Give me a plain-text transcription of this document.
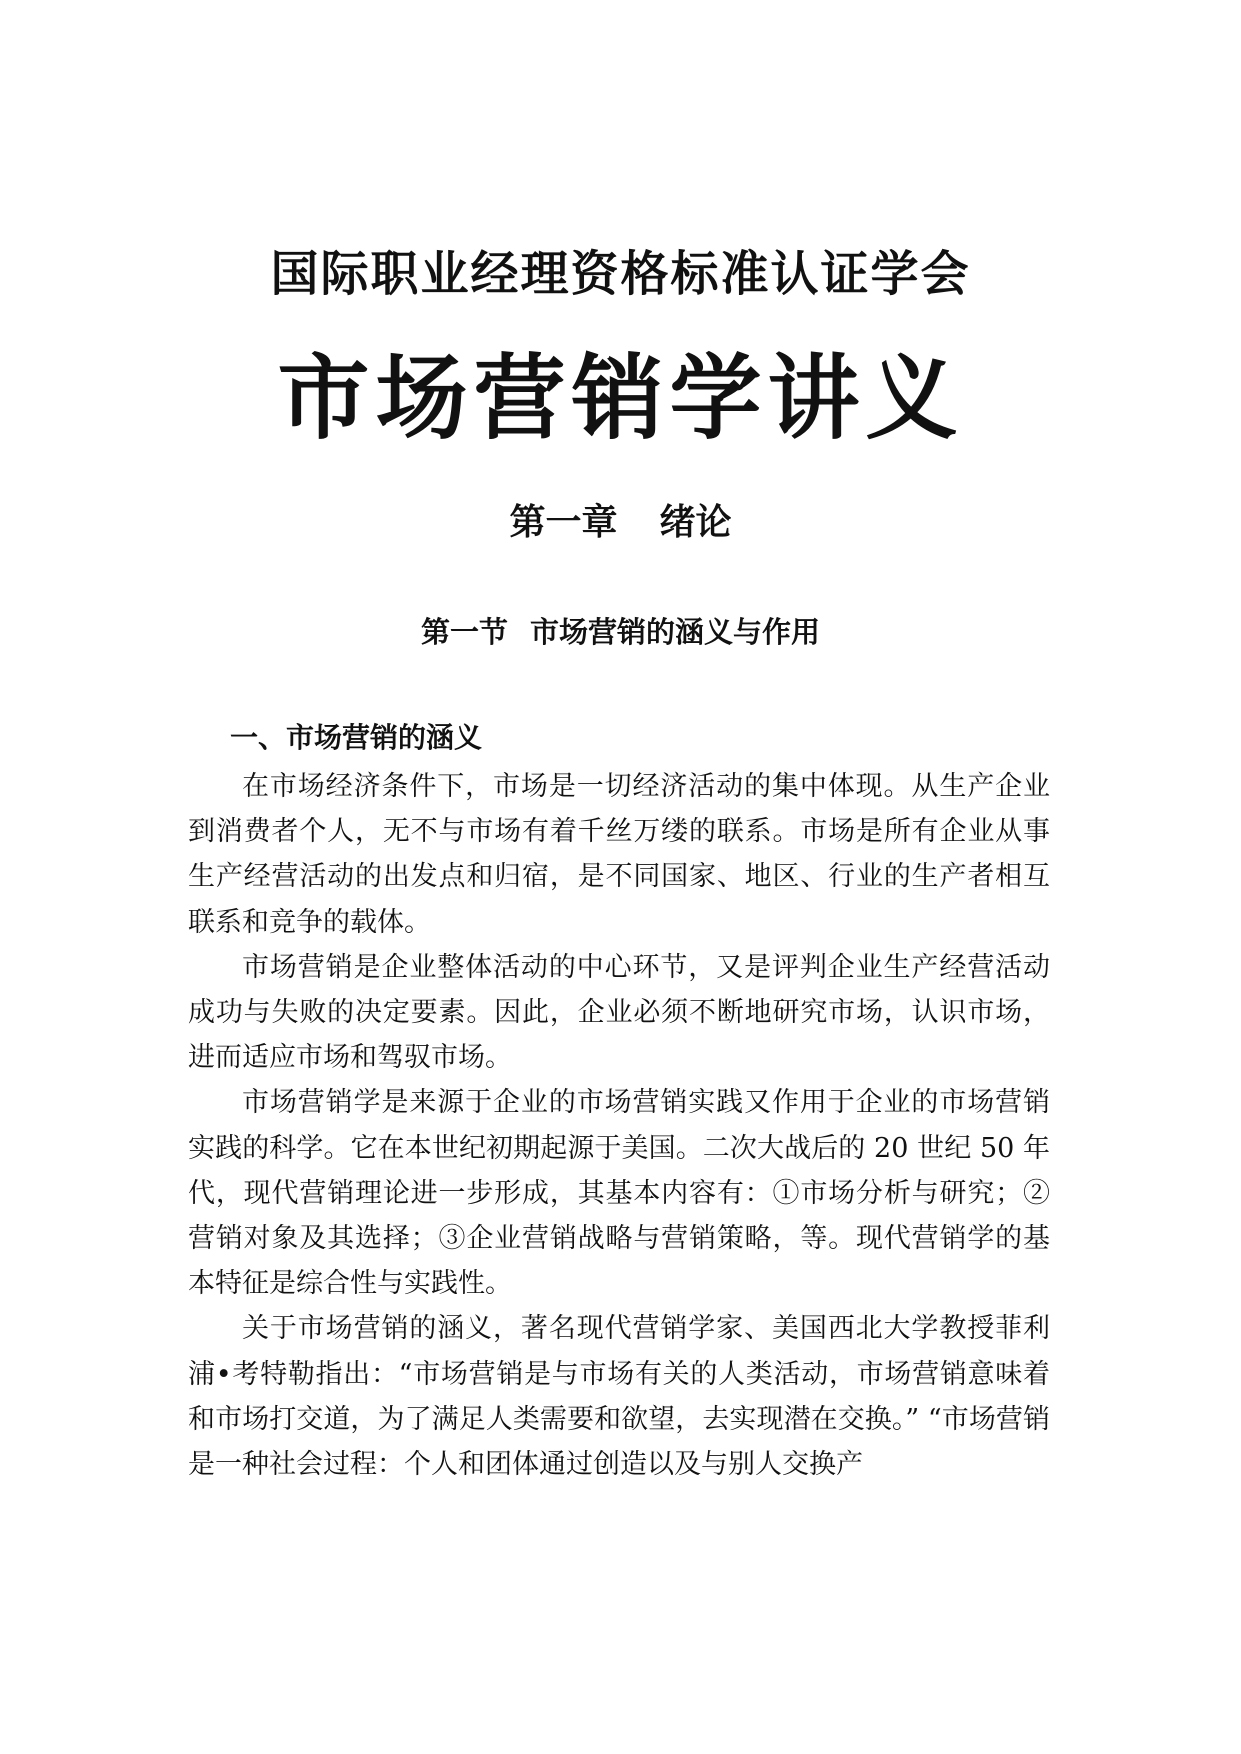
国际职业经理资格标准认证学会
市场营销学讲义
第一章 绪论
第一节 市场营销的涵义与作用
一、市场营销的涵义

在市场经济条件下，市场是一切经济活动的集中体现。从生产企业到消费者个人，无不与市场有着千丝万缕的联系。市场是所有企业从事生产经营活动的出发点和归宿，是不同国家、地区、行业的生产者相互联系和竞争的载体。

市场营销是企业整体活动的中心环节，又是评判企业生产经营活动成功与失败的决定要素。因此，企业必须不断地研究市场，认识市场，进而适应市场和驾驭市场。

市场营销学是来源于企业的市场营销实践又作用于企业的市场营销实践的科学。它在本世纪初期起源于美国。二次大战后的 20 世纪 50 年代，现代营销理论进一步形成，其基本内容有：①市场分析与研究；②营销对象及其选择；③企业营销战略与营销策略，等。现代营销学的基本特征是综合性与实践性。

关于市场营销的涵义，著名现代营销学家、美国西北大学教授菲利浦•考特勒指出：“市场营销是与市场有关的人类活动，市场营销意味着和市场打交道，为了满足人类需要和欲望，去实现潜在交换。” “市场营销是一种社会过程：个人和团体通过创造以及与别人交换产
